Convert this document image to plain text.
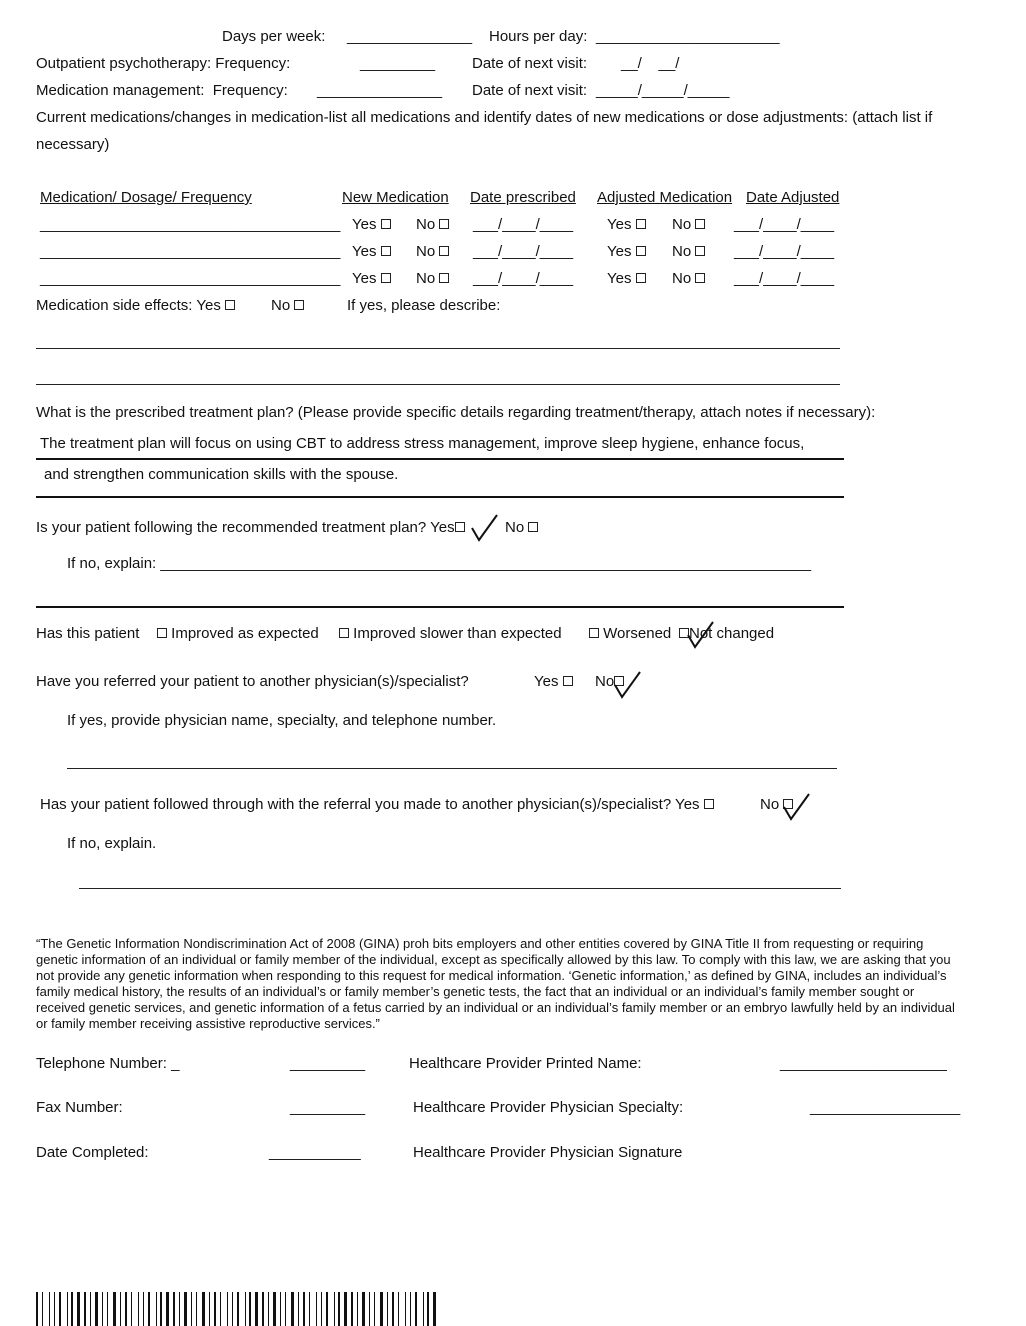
Days per week: _______________ Hours per day: ______________________
Outpatient psychotherapy: Frequency:	_________ Date of next visit: __/    __/
Medication management:  Frequency: _______________ Date of next visit: _____/_____/_____
Current medications/changes in medication-list all medications and identify dates of new medications or dose adjustments: (attach list if
necessary)
Medication/ Dosage/ Frequency	New Medication Date prescribed Adjusted Medication Date Adjusted
____________________________________ Yes	No	___/____/____ Yes	No	___/____/____
____________________________________ Yes	No	___/____/____ Yes	No	___/____/____
____________________________________ Yes	No	___/____/____ Yes	No	___/____/____
Medication side effects: Yes	No	If yes, please describe:
What is the prescribed treatment plan? (Please provide specific details regarding treatment/therapy, attach notes if necessary):
The treatment plan will focus on using CBT to address stress management, improve sleep hygiene, enhance focus,
and strengthen communication skills with the spouse.
Is your patient following the recommended treatment plan? Yes	No
If no, explain: ______________________________________________________________________________
Has this patient	Improved as expected	Improved slower than expected	Worsened	Not changed
Have you referred your patient to another physician(s)/specialist?	Yes	No
If yes, provide physician name, specialty, and telephone number.
Has your patient followed through with the referral you made to another physician(s)/specialist? Yes	No
If no, explain.
“The Genetic Information Nondiscrimination Act of 2008 (GINA) proh bits employers and other entities covered by GINA Title II from requesting or requiring genetic information of an individual or family member of the individual, except as specifically allowed by this law. To comply with this law, we are asking that you not provide any genetic information when responding to this request for medical information. ‘Genetic information,’ as defined by GINA, includes an individual’s family medical history, the results of an individual’s or family member’s genetic tests, the fact that an individual or an individual’s family member sought or received genetic services, and genetic information of a fetus carried by an individual or an individual’s family member or an embryo lawfully held by an individual or family member receiving assistive reproductive services.”
Telephone Number: _	_________	Healthcare Provider Printed Name:	____________________
Fax Number:	_________	Healthcare Provider Physician Specialty:	__________________
Date Completed:	___________	Healthcare Provider Physician Signature
